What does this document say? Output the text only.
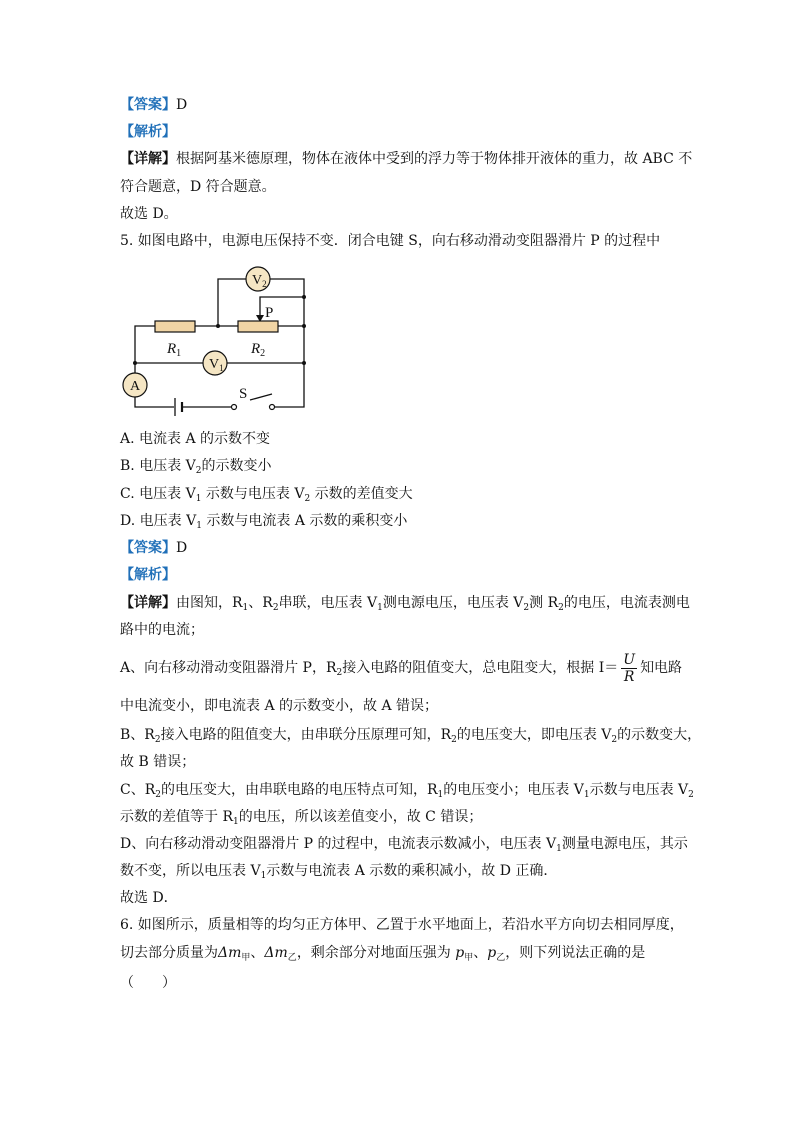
【答案】D
【解析】
【详解】根据阿基米德原理，物体在液体中受到的浮力等于物体排开液体的重力，故 ABC 不
符合题意，D 符合题意。
故选 D。
5. 如图电路中，电源电压保持不变．闭合电键 S，向右移动滑动变阻器滑片 P 的过程中
$V_2$
$V_1$
A
P
$R_1$	$R_2$
S
A. 电流表 A 的示数不变
B. 电压表 $V_2$的示数变小
C. 电压表 $V_1$ 示数与电压表 $V_2$ 示数的差值变大
D. 电压表 $V_1$ 示数与电流表 A 示数的乘积变小
【答案】D
【解析】
【详解】由图知，$R_1$、$R_2$串联，电压表 $V_1$测电源电压，电压表 $V_2$测 $R_2$的电压，电流表测电
路中的电流；
A、向右移动滑动变阻器滑片 P，$R_2$接入电路的阻值变大，总电阻变大，根据 $I= \frac{U}{R}$ 知电路
中电流变小，即电流表 A 的示数变小，故 A 错误；
B、$R_2$接入电路的阻值变大，由串联分压原理可知，$R_2$的电压变大，即电压表 $V_2$的示数变大，
故 B 错误；
C、$R_2$的电压变大，由串联电路的电压特点可知，$R_1$的电压变小；电压表 $V_1$示数与电压表 $V_2$
示数的差值等于 $R_1$的电压，所以该差值变小，故 C 错误；
D、向右移动滑动变阻器滑片 P 的过程中，电流表示数减小，电压表 $V_1$测量电源电压，其示
数不变，所以电压表 $V_1$示数与电流表 A 示数的乘积减小，故 D 正确．
故选 D．
6. 如图所示，质量相等的均匀正方体甲、乙置于水平地面上，若沿水平方向切去相同厚度，
切去部分质量为$\Delta m_甲$、$\Delta m_乙$，剩余部分对地面压强为 $p_甲$、$p_乙$，则下列说法正确的是
（　　）
